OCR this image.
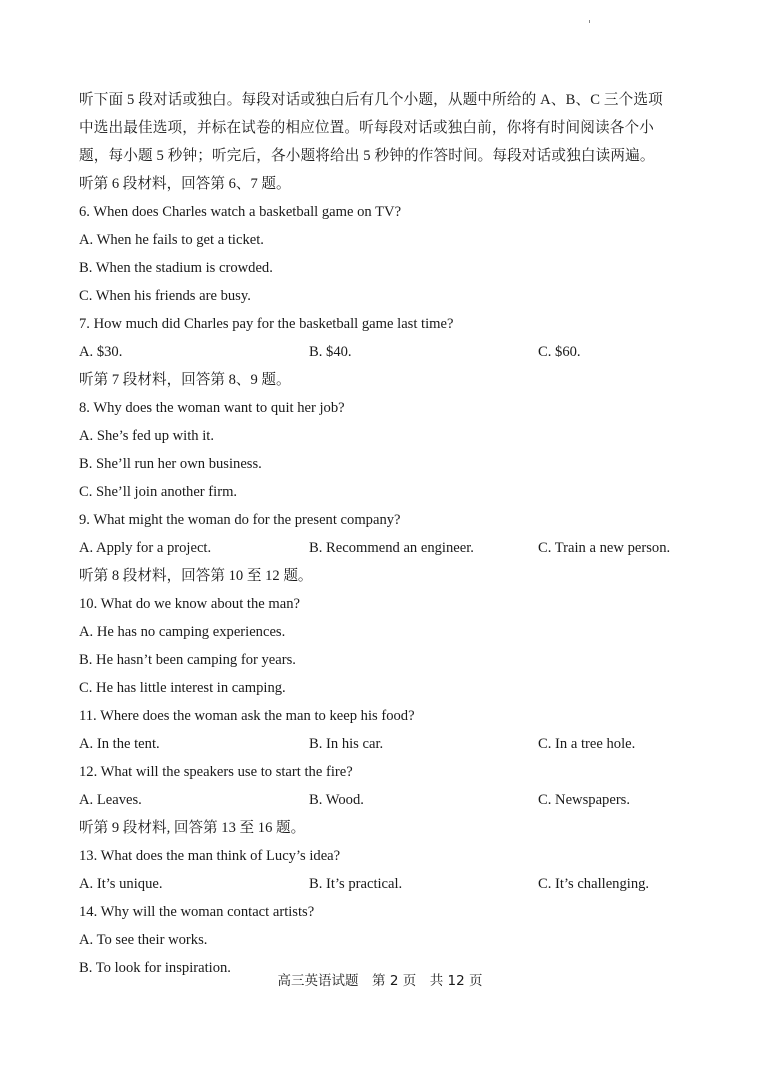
听下面 5 段对话或独白。每段对话或独白后有几个小题，从题中所给的 A、B、C 三个选项
中选出最佳选项，并标在试卷的相应位置。听每段对话或独白前，你将有时间阅读各个小
题，每小题 5 秒钟；听完后，各小题将给出 5 秒钟的作答时间。每段对话或独白读两遍。
听第 6 段材料，回答第 6、7 题。
6. When does Charles watch a basketball game on TV?
A. When he fails to get a ticket.
B. When the stadium is crowded.
C. When his friends are busy.
7. How much did Charles pay for the basketball game last time?
A. $30.	B. $40.	C. $60.
听第 7 段材料，回答第 8、9 题。
8. Why does the woman want to quit her job?
A. She’s fed up with it.
B. She’ll run her own business.
C. She’ll join another firm.
9. What might the woman do for the present company?
A. Apply for a project.	B. Recommend an engineer.	C. Train a new person.
听第 8 段材料，回答第 10 至 12 题。
10. What do we know about the man?
A. He has no camping experiences.
B. He hasn’t been camping for years.
C. He has little interest in camping.
11. Where does the woman ask the man to keep his food?
A. In the tent.	B. In his car.	C. In a tree hole.
12. What will the speakers use to start the fire?
A. Leaves.	B. Wood.	C. Newspapers.
听第 9 段材料, 回答第 13 至 16 题。
13. What does the man think of Lucy’s idea?
A. It’s unique.	B. It’s practical.	C. It’s challenging.
14. Why will the woman contact artists?
A. To see their works.
B. To look for inspiration.
高三英语试题　第 2 页　共 12 页
